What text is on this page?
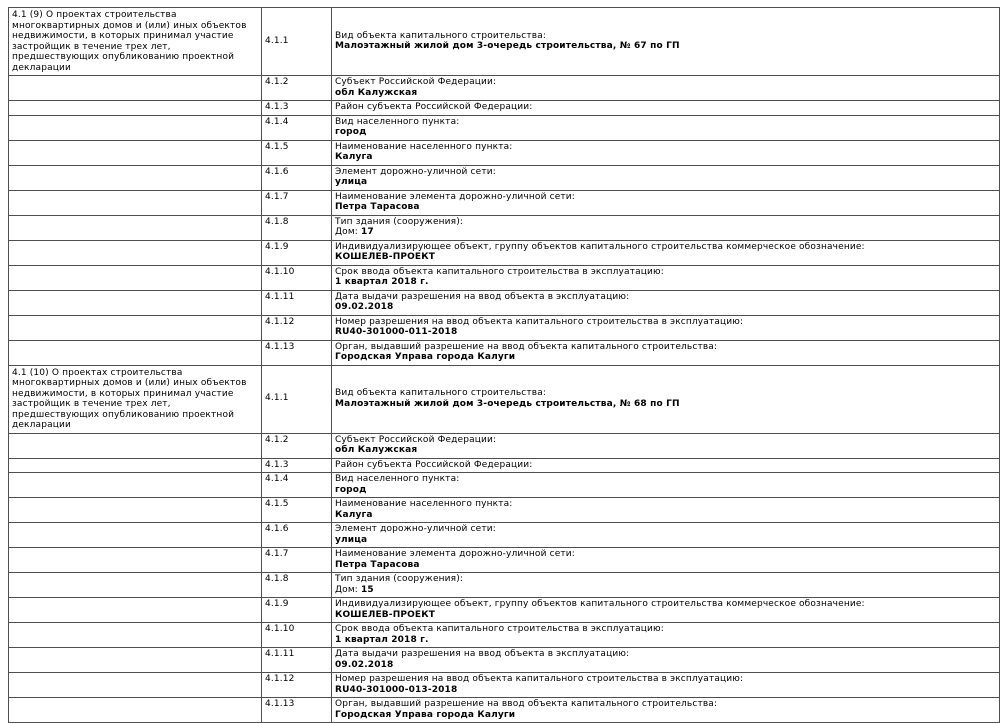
4.1 (9) О проектах строительства многоквартирных домов и (или) иных объектов недвижимости, в которых принимал участие застройщик в течение трех лет, предшествующих опубликованию проектной декларации	4.1.1	Вид объекта капитального строительства:
Малоэтажный жилой дом 3-очередь строительства, № 67 по ГП

	4.1.2	Субъект Российской Федерации:
обл Калужская

	4.1.3	Район субъекта Российской Федерации:

	4.1.4	Вид населенного пункта:
город

	4.1.5	Наименование населенного пункта:
Калуга

	4.1.6	Элемент дорожно-уличной сети:
улица

	4.1.7	Наименование элемента дорожно-уличной сети:
Петра Тарасова

	4.1.8	Тип здания (сооружения):
Дом: 17

	4.1.9	Индивидуализирующее объект, группу объектов капитального строительства коммерческое обозначение:
КОШЕЛЕВ-ПРОЕКТ

	4.1.10	Срок ввода объекта капитального строительства в эксплуатацию:
1 квартал 2018 г.

	4.1.11	Дата выдачи разрешения на ввод объекта в эксплуатацию:
09.02.2018

	4.1.12	Номер разрешения на ввод объекта капитального строительства в эксплуатацию:
RU40-301000-011-2018

	4.1.13	Орган, выдавший разрешение на ввод объекта капитального строительства:
Городская Управа города Калуги

4.1 (10) О проектах строительства многоквартирных домов и (или) иных объектов недвижимости, в которых принимал участие застройщик в течение трех лет, предшествующих опубликованию проектной декларации	4.1.1	Вид объекта капитального строительства:
Малоэтажный жилой дом 3-очередь строительства, № 68 по ГП

	4.1.2	Субъект Российской Федерации:
обл Калужская

	4.1.3	Район субъекта Российской Федерации:

	4.1.4	Вид населенного пункта:
город

	4.1.5	Наименование населенного пункта:
Калуга

	4.1.6	Элемент дорожно-уличной сети:
улица

	4.1.7	Наименование элемента дорожно-уличной сети:
Петра Тарасова

	4.1.8	Тип здания (сооружения):
Дом: 15

	4.1.9	Индивидуализирующее объект, группу объектов капитального строительства коммерческое обозначение:
КОШЕЛЕВ-ПРОЕКТ

	4.1.10	Срок ввода объекта капитального строительства в эксплуатацию:
1 квартал 2018 г.

	4.1.11	Дата выдачи разрешения на ввод объекта в эксплуатацию:
09.02.2018

	4.1.12	Номер разрешения на ввод объекта капитального строительства в эксплуатацию:
RU40-301000-013-2018

	4.1.13	Орган, выдавший разрешение на ввод объекта капитального строительства:
Городская Управа города Калуги
